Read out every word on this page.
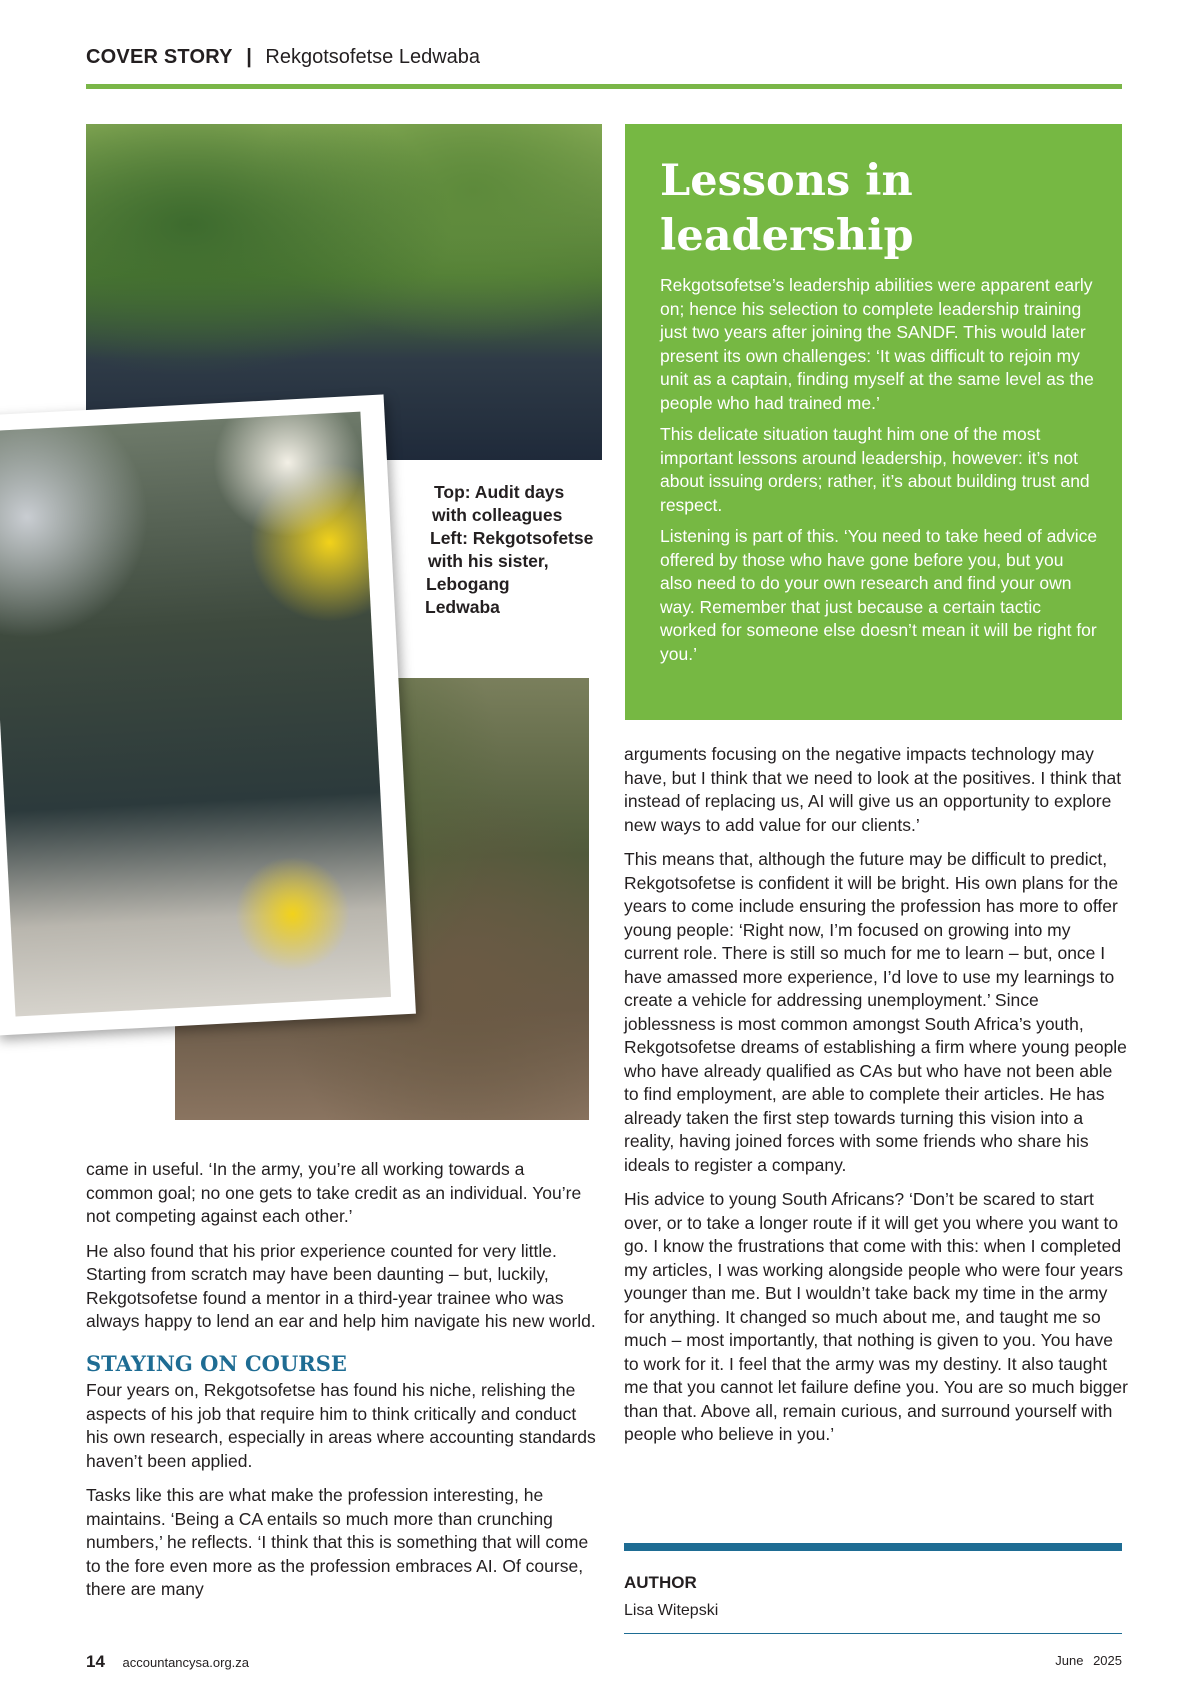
COVER STORY | Rekgotsofetse Ledwaba
Top: Audit days
with colleagues
Left: Rekgotsofetse
with his sister,
Lebogang
Ledwaba
Lessons in
leadership

Rekgotsofetse’s leadership abilities were apparent early on; hence his selection to complete leadership training just two years after joining the SANDF. This would later present its own challenges: ‘It was difficult to rejoin my unit as a captain, finding myself at the same level as the people who had trained me.’

This delicate situation taught him one of the most important lessons around leadership, however: it’s not about issuing orders; rather, it’s about building trust and respect.

Listening is part of this. ‘You need to take heed of advice offered by those who have gone before you, but you also need to do your own research and find your own way. Remember that just because a certain tactic worked for someone else doesn’t mean it will be right for you.’

came in useful. ‘In the army, you’re all working towards a common goal; no one gets to take credit as an individual. You’re not competing against each other.’

He also found that his prior experience counted for very little. Starting from scratch may have been daunting – but, luckily, Rekgotsofetse found a mentor in a third-year trainee who was always happy to lend an ear and help him navigate his new world.

STAYING ON COURSE

Four years on, Rekgotsofetse has found his niche, relishing the aspects of his job that require him to think critically and conduct his own research, especially in areas where accounting standards haven’t been applied.

Tasks like this are what make the profession interesting, he maintains. ‘Being a CA entails so much more than crunching numbers,’ he reflects. ‘I think that this is something that will come to the fore even more as the profession embraces AI. Of course, there are many

arguments focusing on the negative impacts technology may have, but I think that we need to look at the positives. I think that instead of replacing us, AI will give us an opportunity to explore new ways to add value for our clients.’

This means that, although the future may be difficult to predict, Rekgotsofetse is confident it will be bright. His own plans for the years to come include ensuring the profession has more to offer young people: ‘Right now, I’m focused on growing into my current role. There is still so much for me to learn – but, once I have amassed more experience, I’d love to use my learnings to create a vehicle for addressing unemployment.’ Since joblessness is most common amongst South Africa’s youth, Rekgotsofetse dreams of establishing a firm where young people who have already qualified as CAs but who have not been able to find employment, are able to complete their articles. He has already taken the first step towards turning this vision into a reality, having joined forces with some friends who share his ideals to register a company.

His advice to young South Africans? ‘Don’t be scared to start over, or to take a longer route if it will get you where you want to go. I know the frustrations that come with this: when I completed my articles, I was working alongside people who were four years younger than me. But I wouldn’t take back my time in the army for anything. It changed so much about me, and taught me so much – most importantly, that nothing is given to you. You have to work for it. I feel that the army was my destiny. It also taught me that you cannot let failure define you. You are so much bigger than that. Above all, remain curious, and surround yourself with people who believe in you.’

AUTHOR
Lisa Witepski
14 accountancysa.org.za	June 2025
